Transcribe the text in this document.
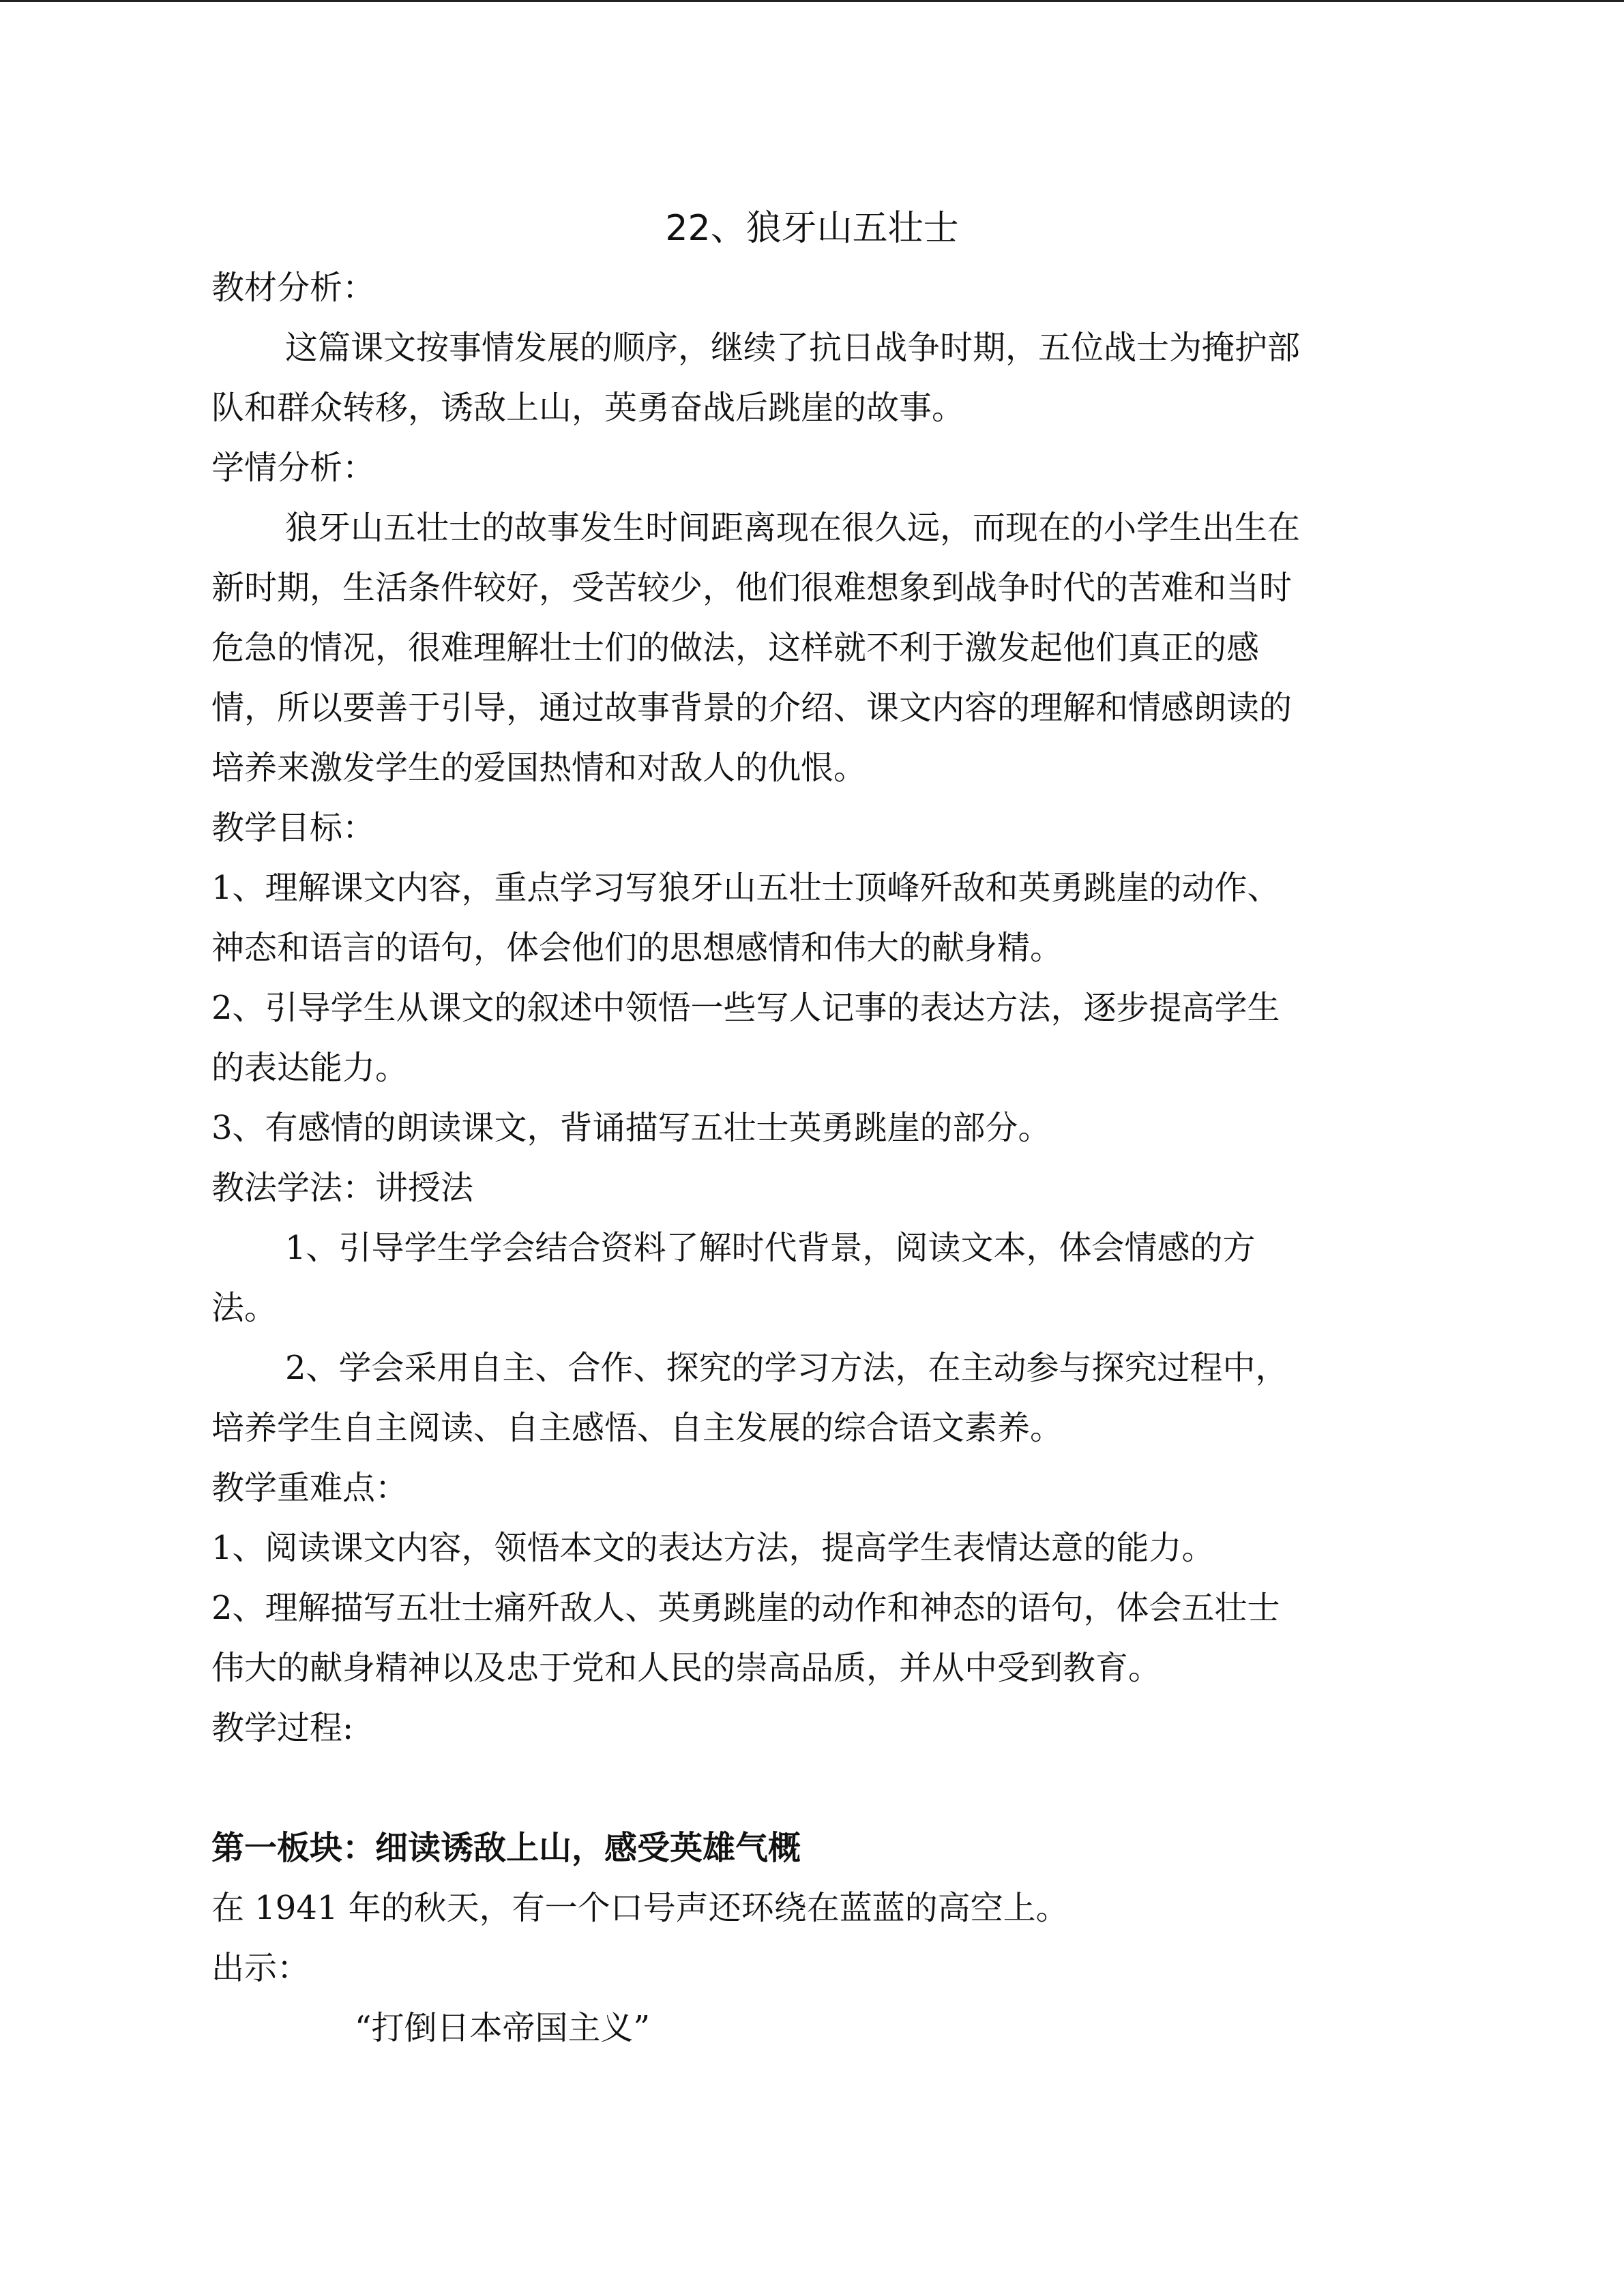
22、狼牙山五壮士

教材分析：

这篇课文按事情发展的顺序，继续了抗日战争时期，五位战士为掩护部

队和群众转移，诱敌上山，英勇奋战后跳崖的故事。

学情分析：

狼牙山五壮士的故事发生时间距离现在很久远，而现在的小学生出生在

新时期，生活条件较好，受苦较少，他们很难想象到战争时代的苦难和当时

危急的情况，很难理解壮士们的做法，这样就不利于激发起他们真正的感

情，所以要善于引导，通过故事背景的介绍、课文内容的理解和情感朗读的

培养来激发学生的爱国热情和对敌人的仇恨。

教学目标：

1、理解课文内容，重点学习写狼牙山五壮士顶峰歼敌和英勇跳崖的动作、

神态和语言的语句，体会他们的思想感情和伟大的献身精。

2、引导学生从课文的叙述中领悟一些写人记事的表达方法，逐步提高学生

的表达能力。

3、有感情的朗读课文，背诵描写五壮士英勇跳崖的部分。

教法学法：讲授法

1、引导学生学会结合资料了解时代背景，阅读文本，体会情感的方

法。

2、学会采用自主、合作、探究的学习方法，在主动参与探究过程中，

培养学生自主阅读、自主感悟、自主发展的综合语文素养。

教学重难点：

1、阅读课文内容，领悟本文的表达方法，提高学生表情达意的能力。

2、理解描写五壮士痛歼敌人、英勇跳崖的动作和神态的语句，体会五壮士

伟大的献身精神以及忠于党和人民的崇高品质，并从中受到教育。

教学过程:

第一板块：细读诱敌上山，感受英雄气概

在 1941 年的秋天，有一个口号声还环绕在蓝蓝的高空上。

出示：

“打倒日本帝国主义”
